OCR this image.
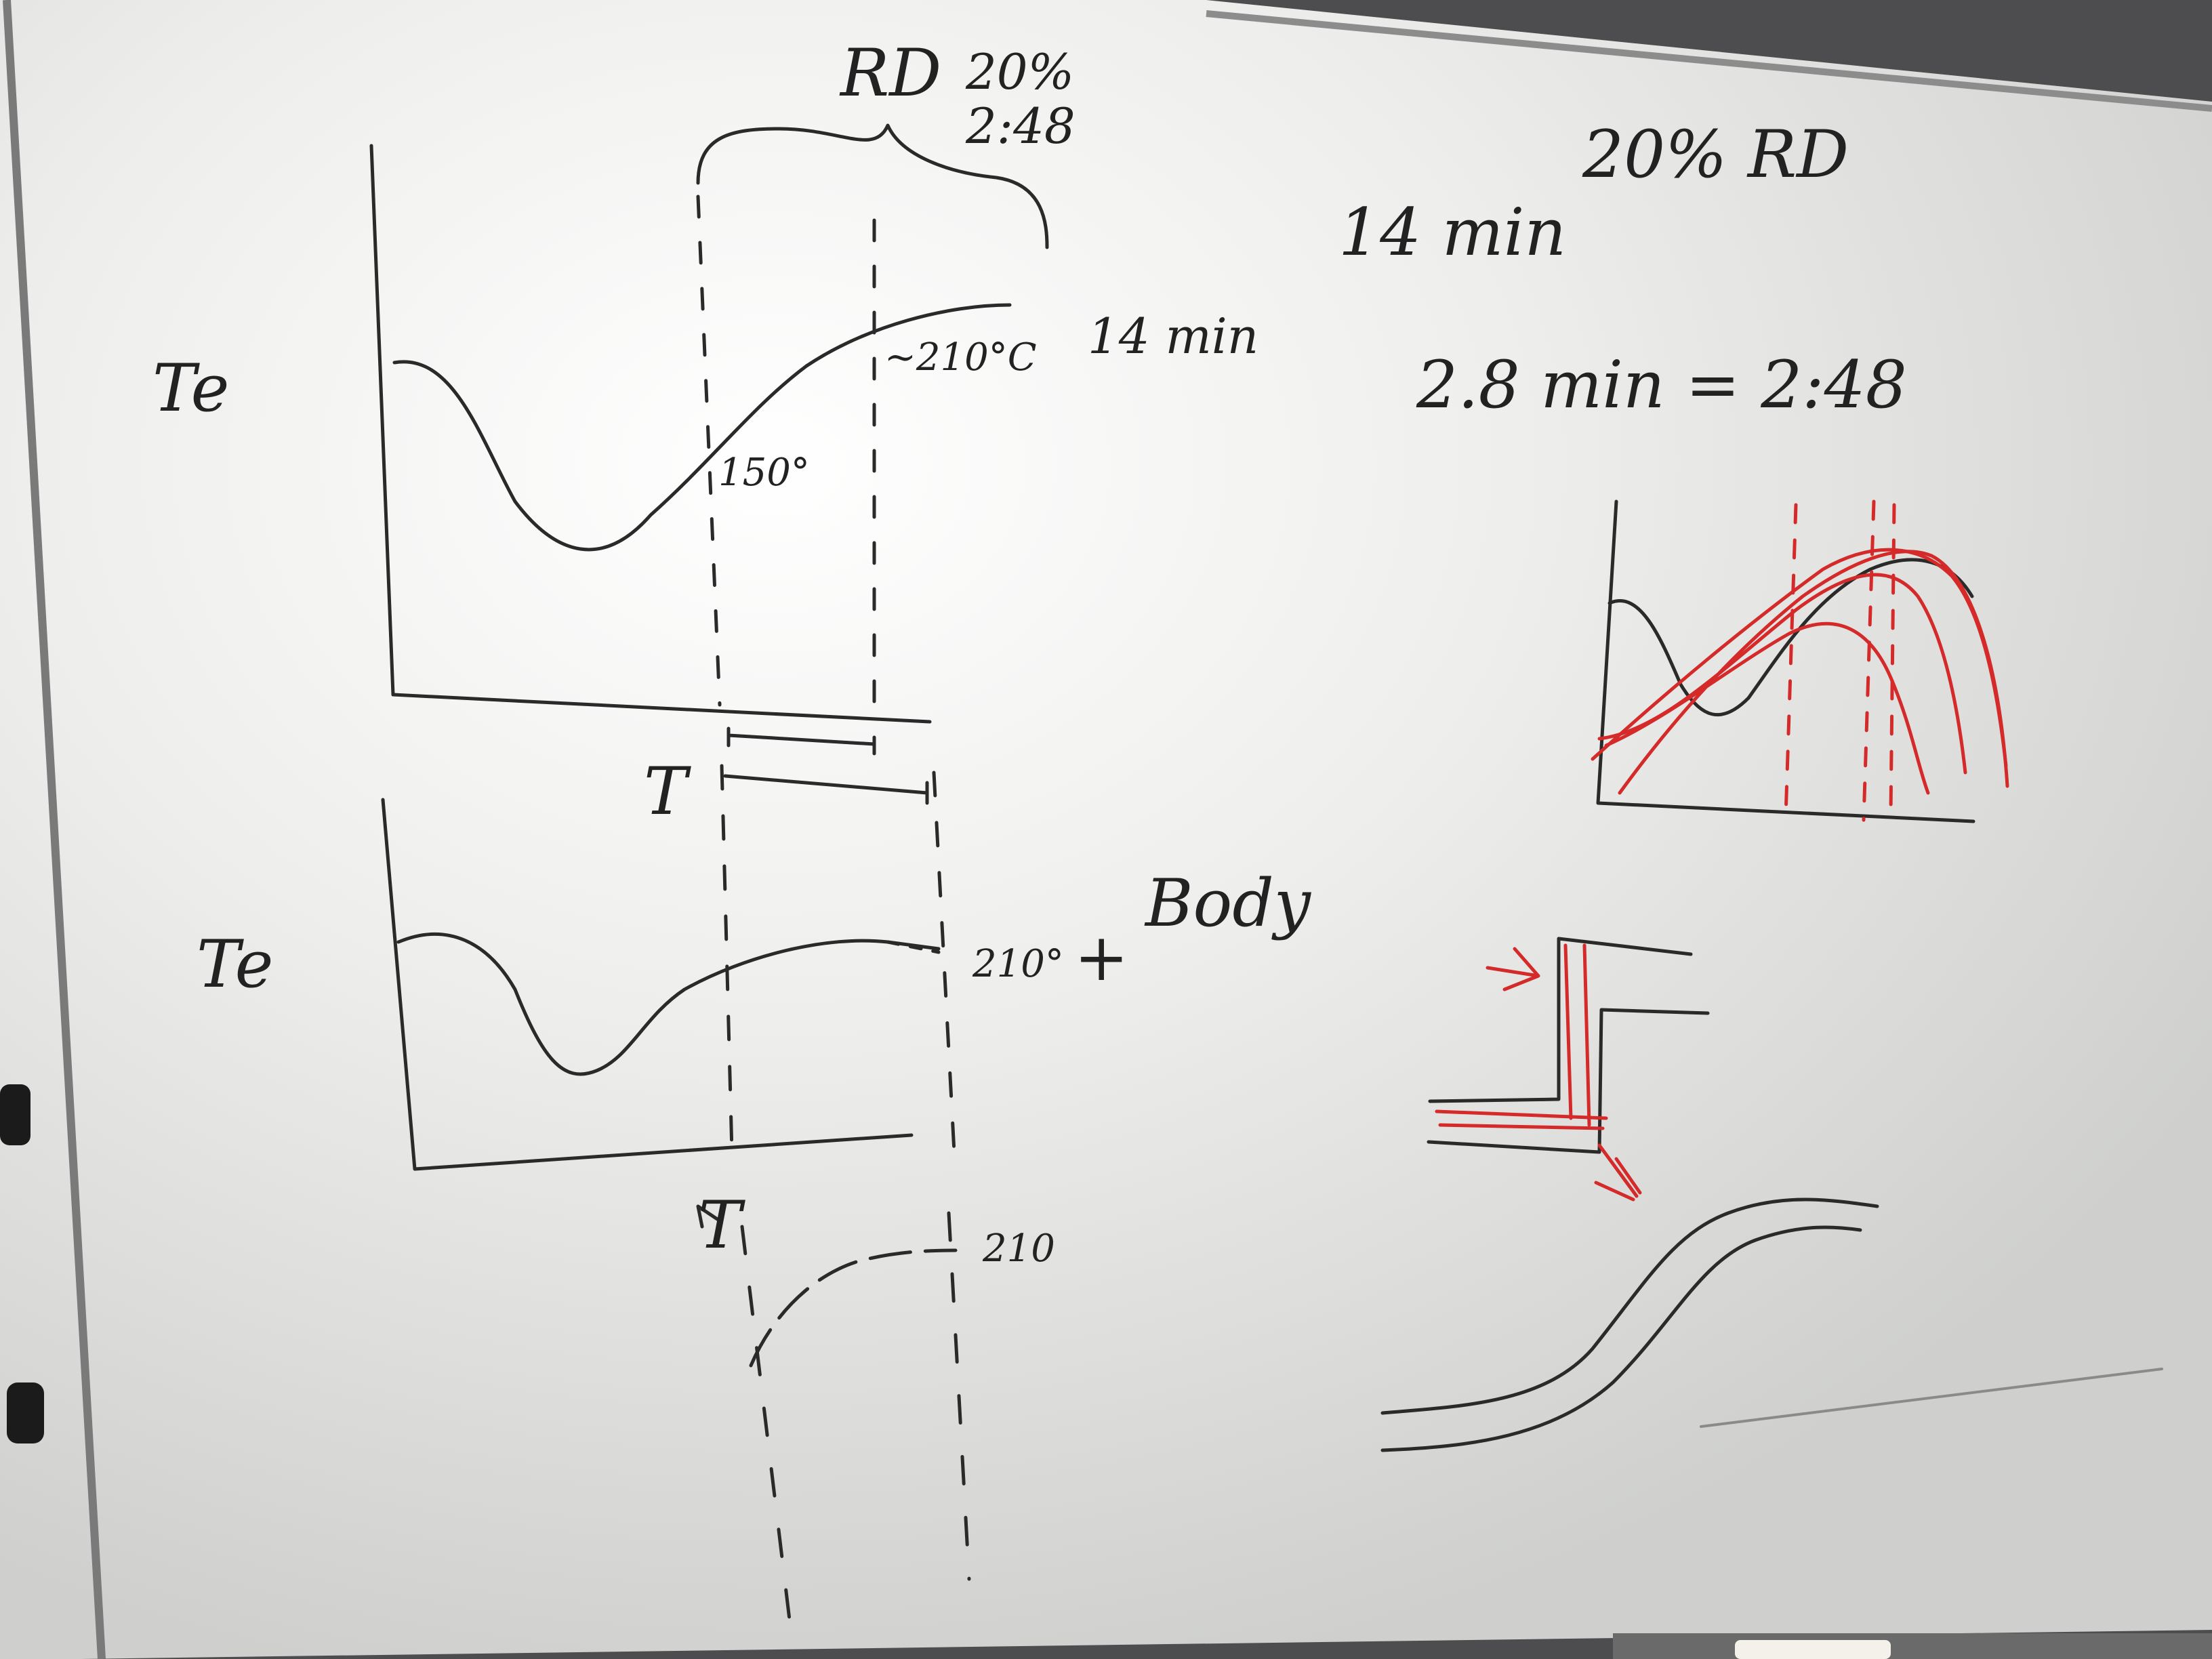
RD 20%
2:48
Te
150°
~210°C 14 min
T
Te	210° +
Body
T	210
20% RD
14 min
2.8 min = 2:48
